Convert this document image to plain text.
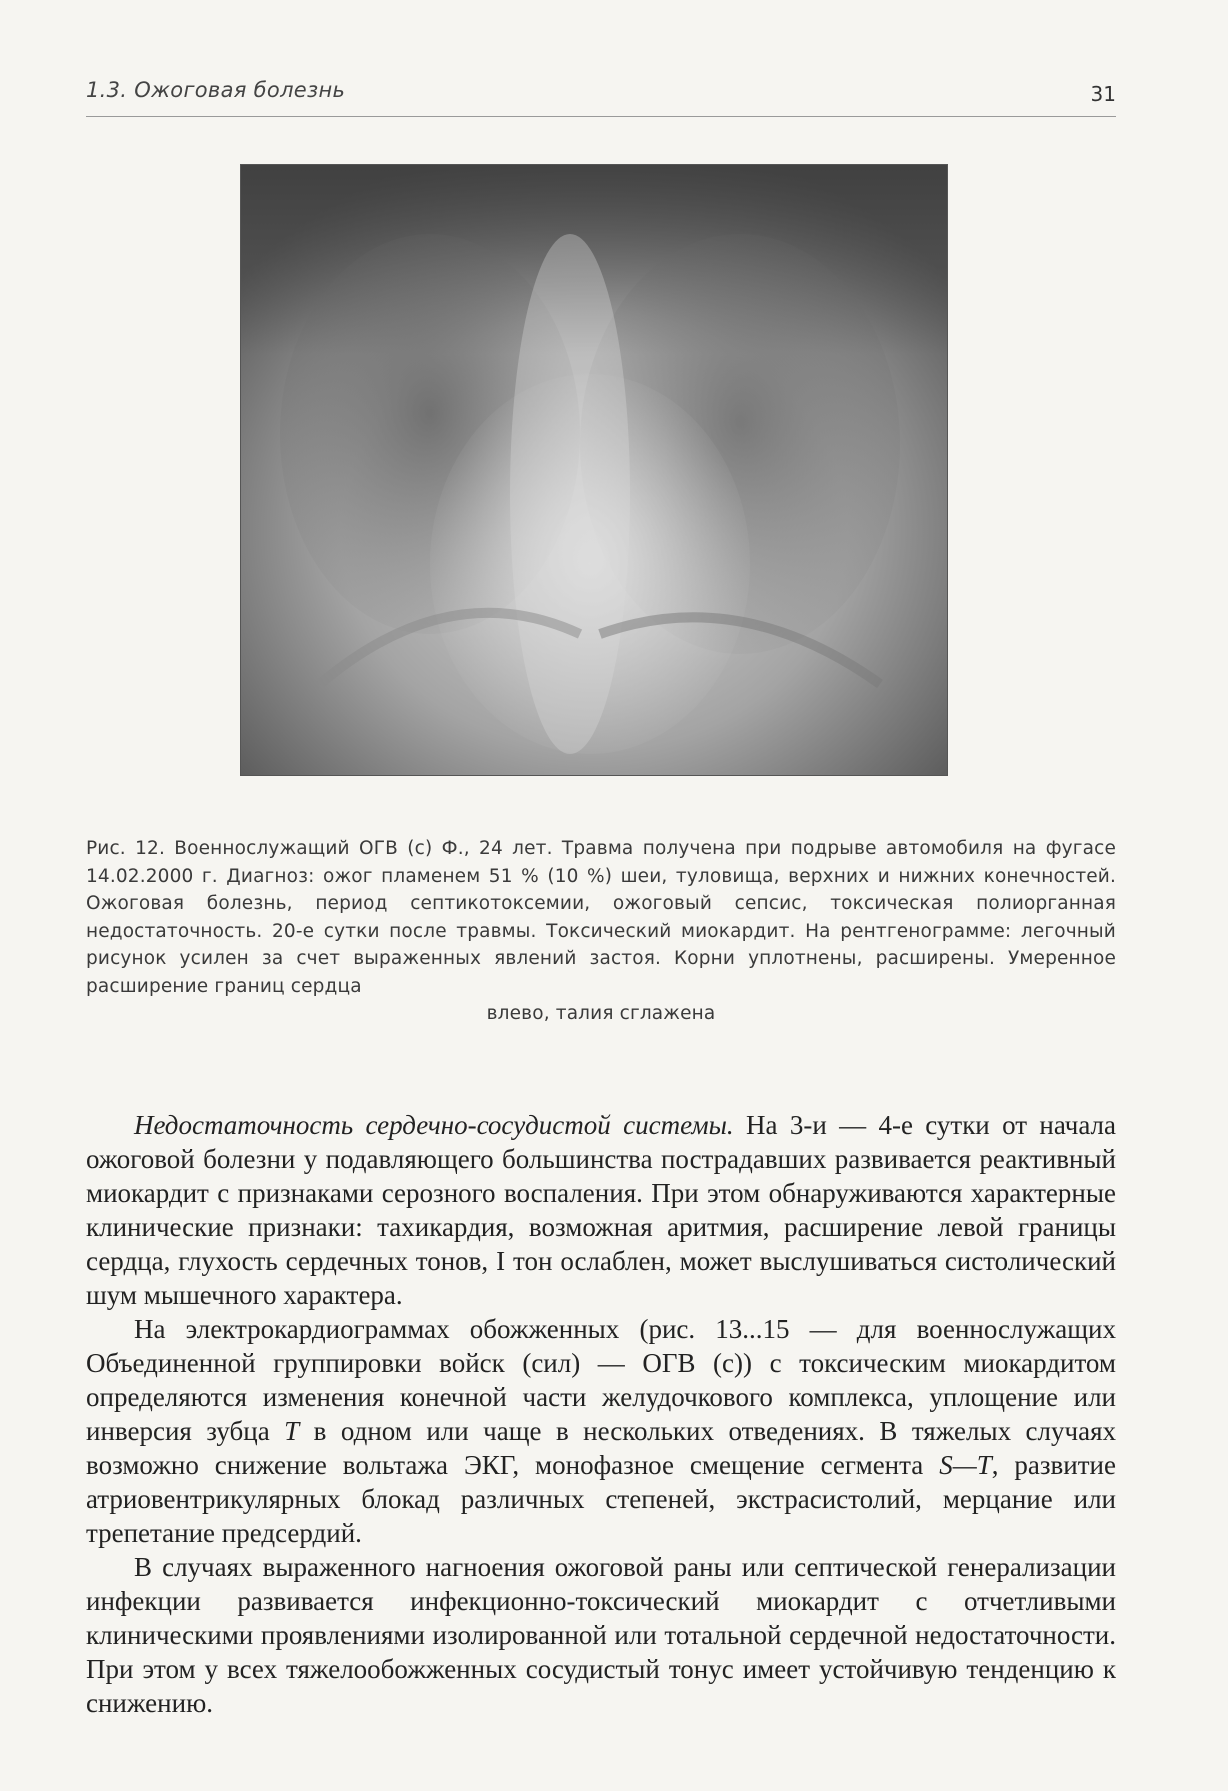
1.3. Ожоговая болезнь	31
Рис. 12. Военнослужащий ОГВ (с) Ф., 24 лет. Травма получена при подрыве автомобиля на фугасе 14.02.2000 г. Диагноз: ожог пламенем 51 % (10 %) шеи, туловища, верхних и нижних конечностей. Ожоговая болезнь, период септикотоксемии, ожоговый сепсис, токсическая полиорганная недостаточность. 20-е сутки после травмы. Токсический миокардит. На рентгенограмме: легочный рисунок усилен за счет выраженных явлений застоя. Корни уплотнены, расширены. Умеренное расширение границ сердца
влево, талия сглажена

Недостаточность сердечно-сосудистой системы. На 3-и — 4-е сутки от начала ожоговой болезни у подавляющего большинства пострадавших развивается реактивный миокардит с признаками серозного воспаления. При этом обнаруживаются характерные клинические признаки: тахикардия, возможная аритмия, расширение левой границы сердца, глухость сердечных тонов, I тон ослаблен, может выслушиваться систолический шум мышечного характера.

На электрокардиограммах обожженных (рис. 13...15 — для военнослужащих Объединенной группировки войск (сил) — ОГВ (с)) с токсическим миокардитом определяются изменения конечной части желудочкового комплекса, уплощение или инверсия зубца Т в одном или чаще в нескольких отведениях. В тяжелых случаях возможно снижение вольтажа ЭКГ, монофазное смещение сегмента S—T, развитие атриовентрикулярных блокад различных степеней, экстрасистолий, мерцание или трепетание предсердий.

В случаях выраженного нагноения ожоговой раны или септической генерализации инфекции развивается инфекционно-токсический миокардит с отчетливыми клиническими проявлениями изолированной или тотальной сердечной недостаточности. При этом у всех тяжелообожженных сосудистый тонус имеет устойчивую тенденцию к снижению.
